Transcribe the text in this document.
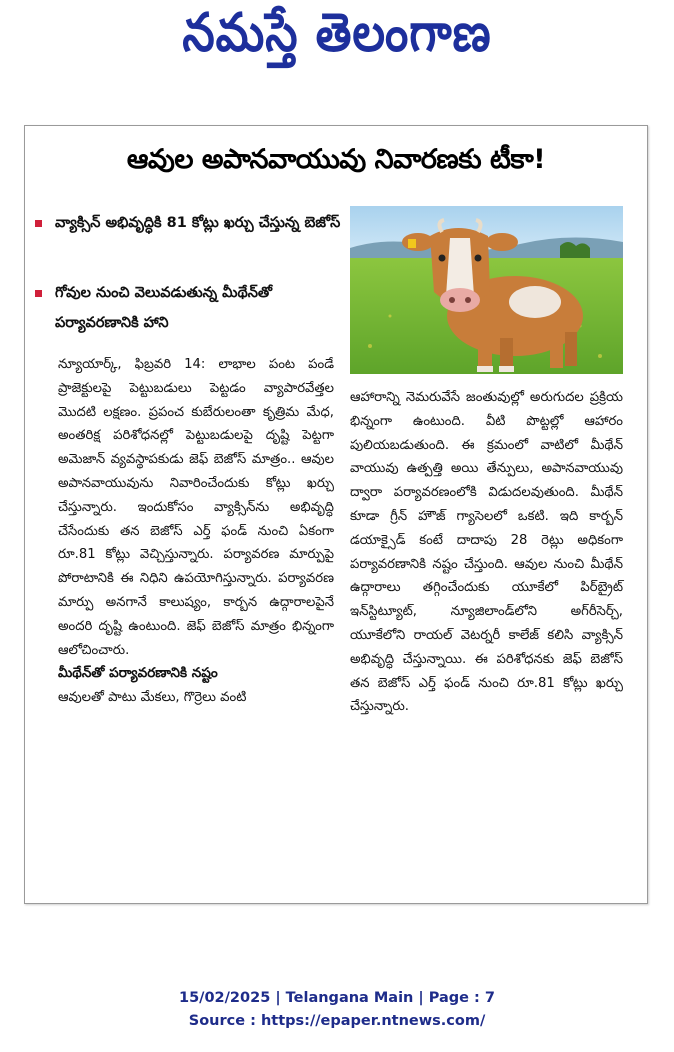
నమస్తే తెలంగాణ
ఆవుల అపానవాయువు నివారణకు టీకా!
వ్యాక్సిన్ అభివృద్ధికి 81 కోట్లు ఖర్చు చేస్తున్న బెజోస్
గోవుల నుంచి వెలువడుతున్న మీథేన్‌తో పర్యావరణానికి హాని

న్యూయార్క్, ఫిబ్రవరి 14: లాభాల పంట పండే ప్రాజెక్టులపై పెట్టుబడులు పెట్టడం వ్యాపారవేత్తల మొదటి లక్షణం. ప్రపంచ కుబేరులంతా కృత్రిమ మేధ, అంతరిక్ష పరిశోధనల్లో పెట్టుబడులపై దృష్టి పెట్టగా అమెజాన్ వ్యవస్థాపకుడు జెఫ్ బెజోస్ మాత్రం.. ఆవుల అపానవాయువును నివారించేందుకు కోట్లు ఖర్చు చేస్తున్నారు. ఇందుకోసం వ్యాక్సిన్‌ను అభివృద్ధి చేసేందుకు తన బెజోస్ ఎర్త్ ఫండ్ నుంచి ఏకంగా రూ.81 కోట్లు వెచ్చిస్తున్నారు. పర్యావరణ మార్పుపై పోరాటానికి ఈ నిధిని ఉపయోగిస్తున్నారు. పర్యావరణ మార్పు అనగానే కాలుష్యం, కార్బన ఉద్గారాలపైనే అందరి దృష్టి ఉంటుంది. జెఫ్ బెజోస్ మాత్రం భిన్నంగా ఆలోచించారు.

మీథేన్‌తో పర్యావరణానికి నష్టం

ఆవులతో పాటు మేకలు, గొర్రెలు వంటి

ఆహారాన్ని నెమరువేసే జంతువుల్లో అరుగుదల ప్రక్రియ భిన్నంగా ఉంటుంది. వీటి పొట్టల్లో ఆహారం పులియబడుతుంది. ఈ క్రమంలో వాటిలో మీథేన్ వాయువు ఉత్పత్తి అయి తేన్పులు, అపానవాయువు ద్వారా పర్యావరణంలోకి విడుదలవుతుంది. మీథేన్ కూడా గ్రీన్ హౌజ్ గ్యాసెలలో ఒకటి. ఇది కార్బన్ డయాక్సైడ్ కంటే దాదాపు 28 రెట్లు అధికంగా పర్యావరణానికి నష్టం చేస్తుంది. ఆవుల నుంచి మీథేన్ ఉద్గారాలు తగ్గించేందుకు యూకేలో పిర్‌బ్రైట్ ఇన్‌స్టిట్యూట్, న్యూజిలాండ్‌లోని అగ్‌రీసెర్చ్, యూకేలోని రాయల్ వెటర్నరీ కాలేజ్ కలిసి వ్యాక్సిన్ అభివృద్ధి చేస్తున్నాయి. ఈ పరిశోధనకు జెఫ్ బెజోస్ తన బెజోస్ ఎర్త్ ఫండ్ నుంచి రూ.81 కోట్లు ఖర్చు చేస్తున్నారు.

15/02/2025 | Telangana Main | Page : 7
Source : https://epaper.ntnews.com/
